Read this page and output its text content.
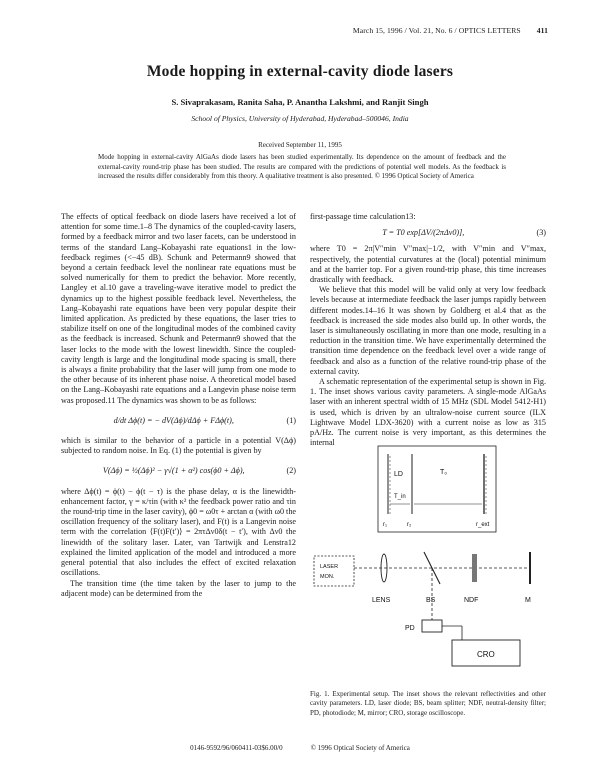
March 15, 1996 / Vol. 21, No. 6 / OPTICS LETTERS 411
Mode hopping in external-cavity diode lasers
S. Sivaprakasam, Ranita Saha, P. Anantha Lakshmi, and Ranjit Singh
School of Physics, University of Hyderabad, Hyderabad–500046, India
Received September 11, 1995
Mode hopping in external-cavity AlGaAs diode lasers has been studied experimentally. Its dependence on the amount of feedback and the external-cavity round-trip phase has been studied. The results are compared with the predictions of potential well models. As the feedback is increased the results differ considerably from this theory. A qualitative treatment is also presented. © 1996 Optical Society of America

The effects of optical feedback on diode lasers have received a lot of attention for some time.1–8 The dynamics of the coupled-cavity lasers, formed by a feedback mirror and two laser facets, can be understood in terms of the standard Lang–Kobayashi rate equations1 in the low-feedback regimes (<−45 dB). Schunk and Petermann9 showed that beyond a certain feedback level the nonlinear rate equations must be solved numerically for them to predict the behavior. More recently, Langley et al.10 gave a traveling-wave iterative model to predict the dynamics up to the highest possible feedback level. Nevertheless, the Lang–Kobayashi rate equations have been very popular despite their limited application. As predicted by these equations, the laser tries to stabilize itself on one of the longitudinal modes of the combined cavity as the feedback is increased. Schunk and Petermann9 showed that the laser locks to the mode with the lowest linewidth. Since the coupled-cavity length is large and the longitudinal mode spacing is small, there is always a finite probability that the laser will jump from one mode to the other because of its inherent phase noise. A theoretical model based on the Lang–Kobayashi rate equations and a Langevin phase noise term was proposed.11 The dynamics was shown to be as follows:

d/dt Δϕ(t) = − dV(Δϕ)/dΔϕ + FΔϕ(t),	(1)

which is similar to the behavior of a particle in a potential V(Δϕ) subjected to random noise. In Eq. (1) the potential is given by

V(Δϕ) = ½(Δϕ)² − γ√(1 + α²) cos(ϕ0 + Δϕ),	(2)

where Δϕ(t) = ϕ(t) − ϕ(t − τ) is the phase delay, α is the linewidth-enhancement factor, γ = κ/τin (with κ² the feedback power ratio and τin the round-trip time in the laser cavity), ϕ0 = ω0τ + arctan α (with ω0 the oscillation frequency of the solitary laser), and F(t) is a Langevin noise term with the correlation ⟨F(t)F(t′)⟩ = 2πτΔν0δ(t − t′), with Δν0 the linewidth of the solitary laser. Later, van Tartwijk and Lenstra12 explained the limited application of the model and introduced a more general potential that also includes the effect of excited relaxation oscillations.

The transition time (the time taken by the laser to jump to the adjacent mode) can be determined from the

first-passage time calculation13:

T = T0 exp[ΔV/(2πΔν0)],	(3)

where T0 = 2π|V″min V″max|−1/2, with V″min and V″max, respectively, the potential curvatures at the (local) potential minimum and at the barrier top. For a given round-trip phase, this time increases drastically with feedback.

We believe that this model will be valid only at very low feedback levels because at intermediate feedback the laser jumps rapidly between different modes.14–16 It was shown by Goldberg et al.4 that as the feedback is increased the side modes also build up. In other words, the laser is simultaneously oscillating in more than one mode, resulting in a reduction in the transition time. We have experimentally determined the transition time dependence on the feedback level over a wide range of feedback and also as a function of the relative round-trip phase of the external cavity.

A schematic representation of the experimental setup is shown in Fig. 1. The inset shows various cavity parameters. A single-mode AlGaAs laser with an inherent spectral width of 15 MHz (SDL Model 5412-H1) is used, which is driven by an ultralow-noise current source (ILX Lightwave Model LDX-3620) with a current noise as low as 315 pA/Hz. The current noise is very important, as this determines the internal

LD	T₀
T_in
r₁	r₂	r_ext
LASER
MON.
LENS	BS	NDF	M
PD
CRO
Fig. 1. Experimental setup. The inset shows the relevant reflectivities and other cavity parameters. LD, laser diode; BS, beam splitter; NDF, neutral-density filter; PD, photodiode; M, mirror; CRO, storage oscilloscope.
0146-9592/96/060411-03$6.00/0	© 1996 Optical Society of America
